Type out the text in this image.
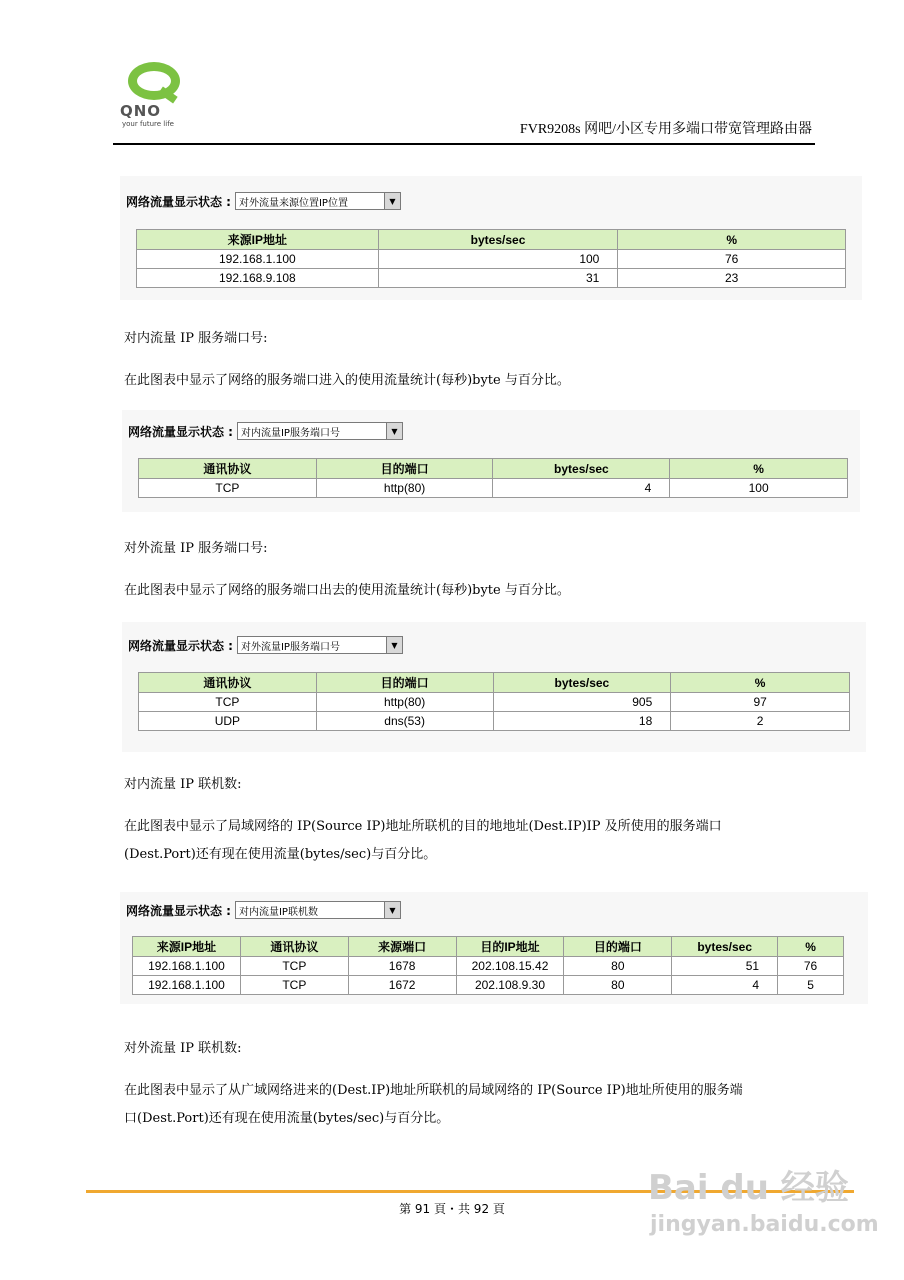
QNO
your future life	FVR9208s 网吧/小区专用多端口带宽管理路由器
网络流量显示状态 : 对外流量来源位置IP位置	▼
来源IP地址	bytes/sec	%
192.168.1.100	100	76
192.168.9.108	31	23
对内流量 IP 服务端口号:
在此图表中显示了网络的服务端口进入的使用流量统计(每秒)byte 与百分比。
网络流量显示状态 : 对内流量IP服务端口号	▼
通讯协议	目的端口	bytes/sec	%
TCP	http(80)	4	100
对外流量 IP 服务端口号:
在此图表中显示了网络的服务端口出去的使用流量统计(每秒)byte 与百分比。
网络流量显示状态 : 对外流量IP服务端口号	▼
通讯协议	目的端口	bytes/sec	%
TCP	http(80)	905	97
UDP	dns(53)	18	2
对内流量 IP 联机数:
在此图表中显示了局域网络的 IP(Source IP)地址所联机的目的地地址(Dest.IP)IP 及所使用的服务端口
(Dest.Port)还有现在使用流量(bytes/sec)与百分比。
网络流量显示状态 : 对内流量IP联机数	▼
来源IP地址	通讯协议	来源端口	目的IP地址	目的端口	bytes/sec	%
192.168.1.100	TCP	1678	202.108.15.42	80	51	76
192.168.1.100	TCP	1672	202.108.9.30	80	4	5
对外流量 IP 联机数:
在此图表中显示了从广域网络进来的(Dest.IP)地址所联机的局域网络的 IP(Source IP)地址所使用的服务端
口(Dest.Port)还有现在使用流量(bytes/sec)与百分比。
第 91 頁・共 92 頁
Bai du 经验
jingyan.baidu.com
